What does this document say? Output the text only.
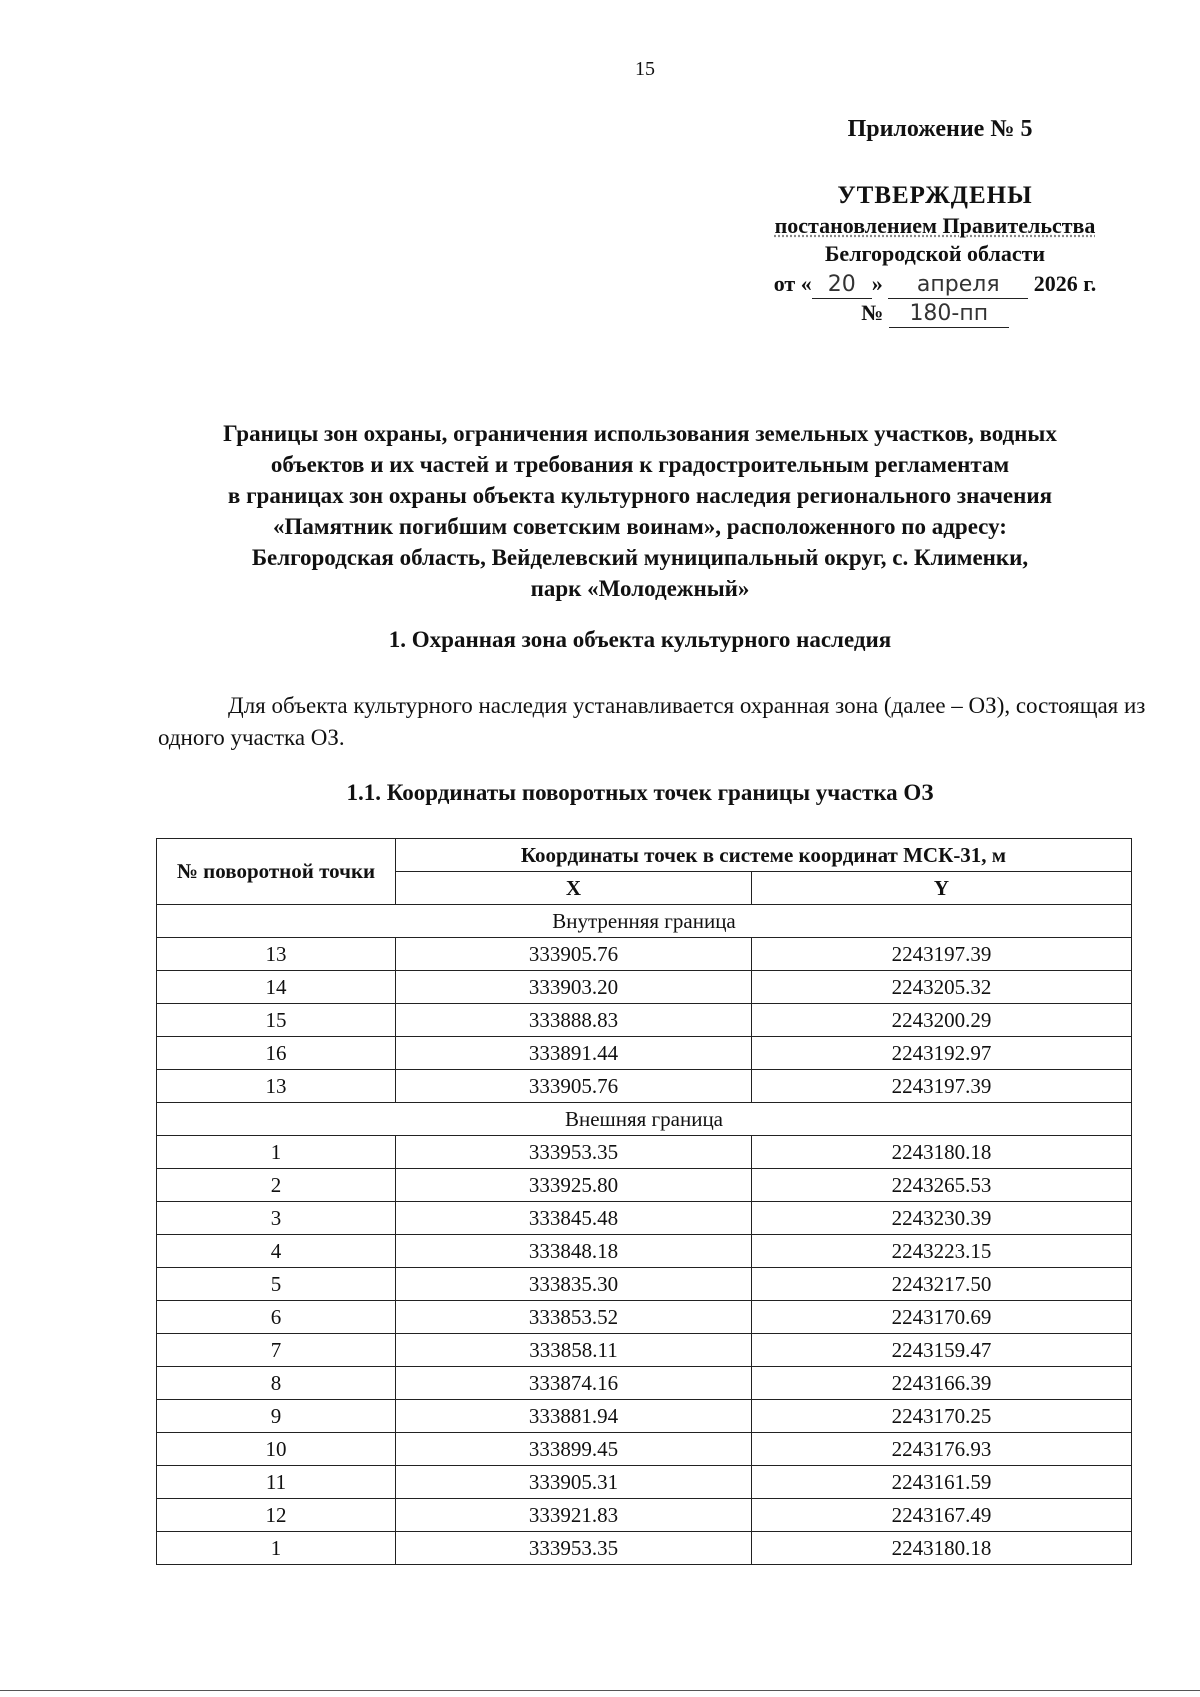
15
Приложение № 5
УТВЕРЖДЕНЫ
постановлением Правительства
Белгородской области
от « 20 » апреля 2026 г.
№ 180-пп
Границы зон охраны, ограничения использования земельных участков, водных
объектов и их частей и требования к градостроительным регламентам
в границах зон охраны объекта культурного наследия регионального значения
«Памятник погибшим советским воинам», расположенного по адресу:
Белгородская область, Вейделевский муниципальный округ, с. Клименки,
парк «Молодежный»
1. Охранная зона объекта культурного наследия
Для объекта культурного наследия устанавливается охранная зона (далее – ОЗ), состоящая из одного участка ОЗ.
1.1. Координаты поворотных точек границы участка ОЗ
№ поворотной точки	Координаты точек в системе координат МСК-31, м	
	X	Y
Внутренняя граница		
13	333905.76	2243197.39
14	333903.20	2243205.32
15	333888.83	2243200.29
16	333891.44	2243192.97
13	333905.76	2243197.39
Внешняя граница		
1	333953.35	2243180.18
2	333925.80	2243265.53
3	333845.48	2243230.39
4	333848.18	2243223.15
5	333835.30	2243217.50
6	333853.52	2243170.69
7	333858.11	2243159.47
8	333874.16	2243166.39
9	333881.94	2243170.25
10	333899.45	2243176.93
11	333905.31	2243161.59
12	333921.83	2243167.49
1	333953.35	2243180.18
